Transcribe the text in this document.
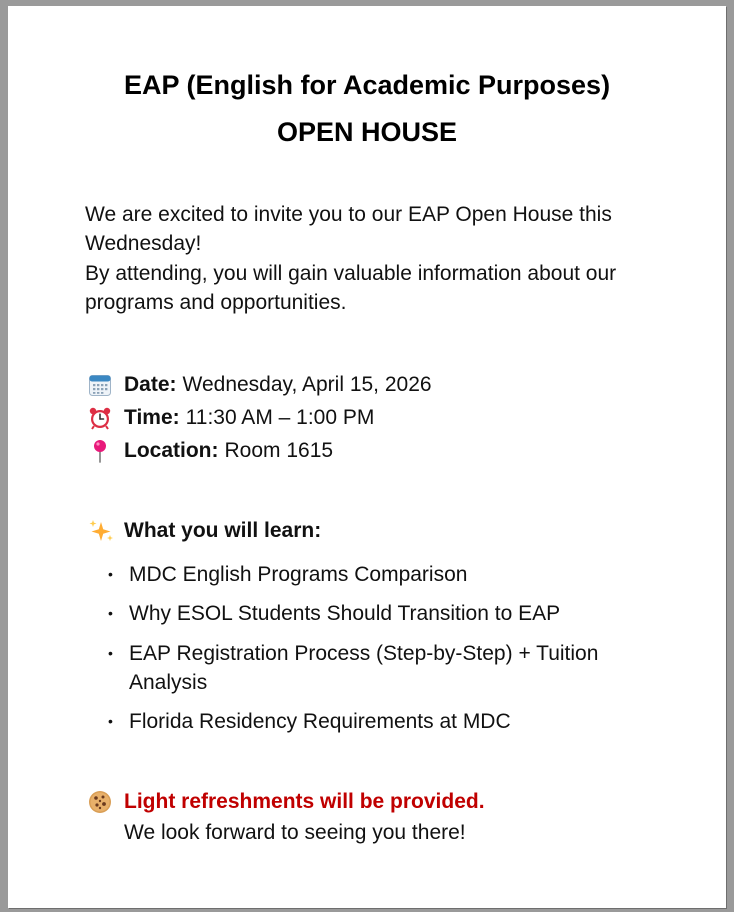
EAP (English for Academic Purposes)
OPEN HOUSE

We are excited to invite you to our EAP Open House this Wednesday!

By attending, you will gain valuable information about our programs and opportunities.

Date: Wednesday, April 15, 2026
Time: 11:30 AM – 1:00 PM
Location: Room 1615
What you will learn:
• MDC English Programs Comparison
• Why ESOL Students Should Transition to EAP
• EAP Registration Process (Step-by-Step) + Tuition Analysis
• Florida Residency Requirements at MDC
Light refreshments will be provided.
We look forward to seeing you there!
